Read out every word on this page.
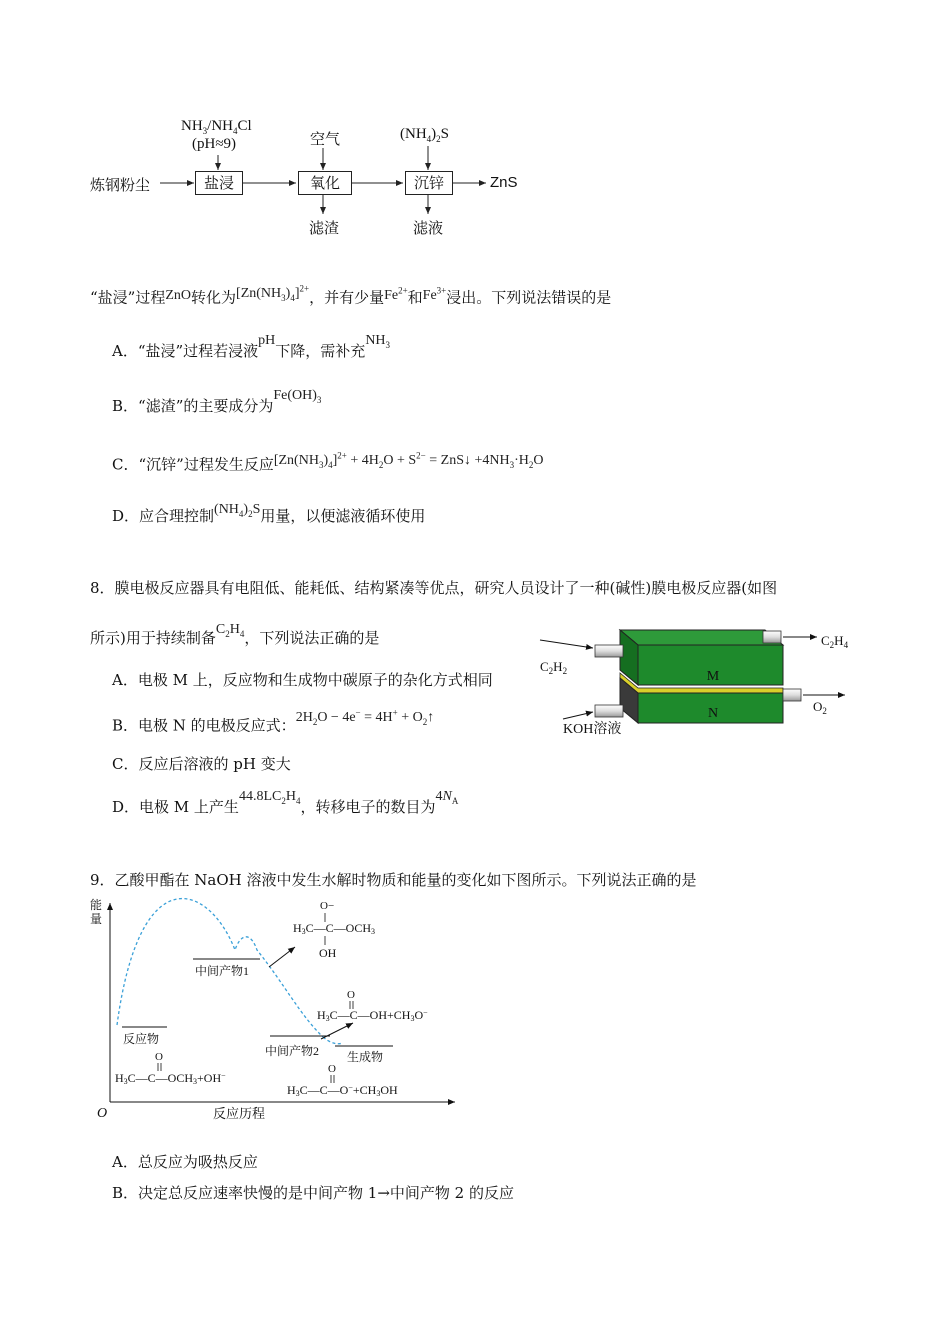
$NH_3/NH_4Cl$
(pH≈9)	空气	$(NH_4)_2S$
炼钢粉尘	盐浸	氧化	沉锌	ZnS
滤渣	滤液
“盐浸”过程ZnO转化为$[Zn(NH_3)_4]^{2+}$，并有少量$Fe^{2+}$和$Fe^{3+}$浸出。下列说法错误的是
A．“盐浸”过程若浸液pH下降，需补充$NH_3$
B．“滤渣”的主要成分为$Fe(OH)_3$
C．“沉锌”过程发生反应$[Zn(NH_3)_4]^{2+} + 4H_2O + S^{2-}$ = ZnS↓ $+4NH_3\cdot H_2O$
D．应合理控制$(NH_4)_2S$用量，以便滤液循环使用
8．膜电极反应器具有电阻低、能耗低、结构紧凑等优点，研究人员设计了一种(碱性)膜电极反应器(如图
所示)用于持续制备$C_2H_4$，下列说法正确的是
A．电极 M 上，反应物和生成物中碳原子的杂化方式相同
B．电极 N 的电极反应式：$2H_2O - 4e^- = 4H^+$ + $O_2↑$
C．反应后溶液的 pH 变大
D．电极 M 上产生$44.8LC_2H_4$，转移电子的数目为$4N_A$
M
N
$C_2H_4$
$C_2H_2$
$O_2$
KOH溶液
9．乙酸甲酯在 NaOH 溶液中发生水解时物质和能量的变化如下图所示。下列说法正确的是
能
量
O	反应历程
反应物
中间产物1
中间产物2 生成物
O−
H3C—C—OCH3
OH
O
H3C—C—OH+CH3O−
O
H3C—C—OCH3+OH−
O
H3C—C—O−+CH3OH
A．总反应为吸热反应
B．决定总反应速率快慢的是中间产物 1→中间产物 2 的反应
